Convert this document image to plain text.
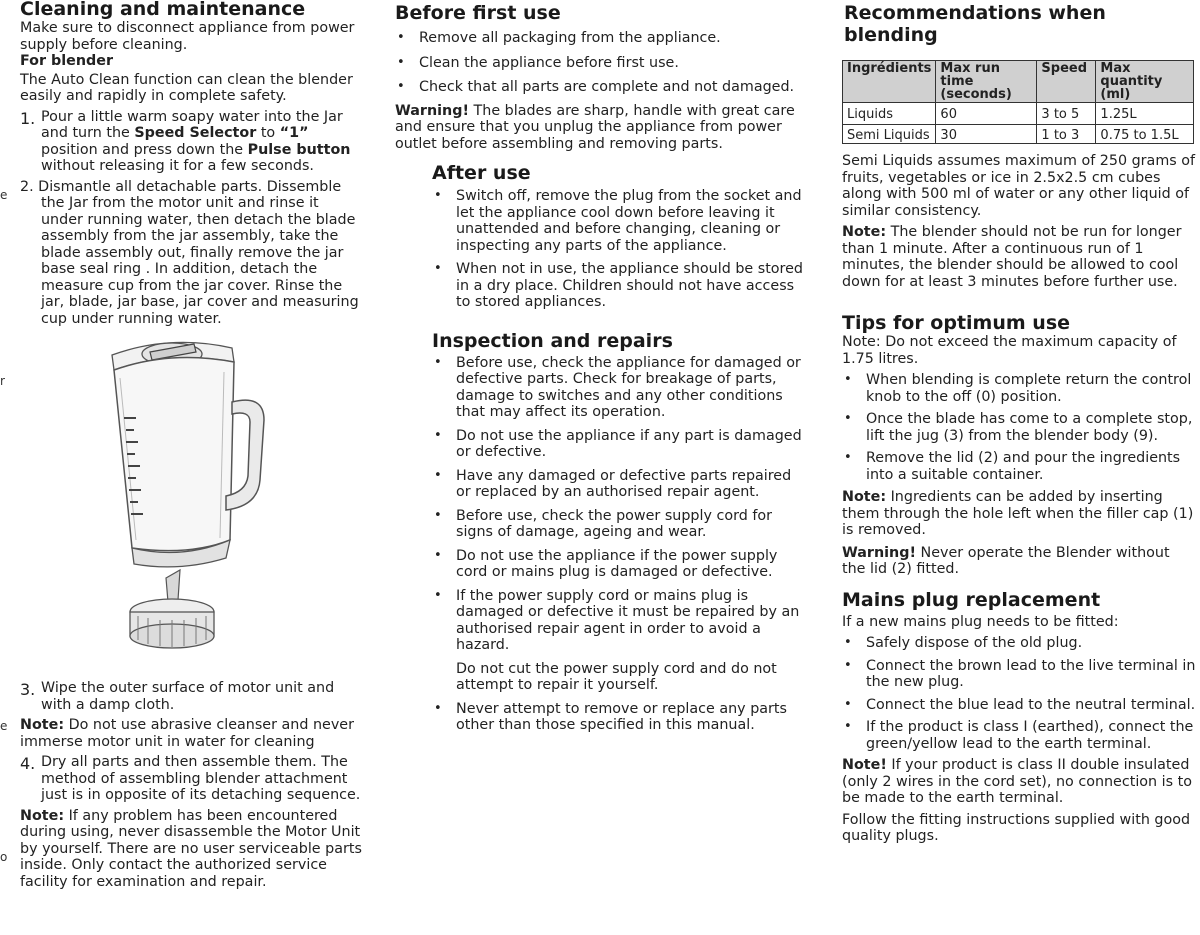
e
r
e
o
Cleaning and maintenance

Make sure to disconnect appliance from power supply before cleaning.

For blender

The Auto Clean function can clean the blender easily and rapidly in complete safety.

1. Pour a little warm soapy water into the Jar and turn the Speed Selector to “1” position and press down the Pulse button without releasing it for a few seconds.

2. Dismantle all detachable parts. Dissemble the Jar from the motor unit and rinse it under running water, then detach the blade assembly from the jar assembly, take the blade assembly out, finally remove the jar base seal ring . In addition, detach the measure cup from the jar cover. Rinse the jar, blade, jar base, jar cover and measuring cup under running water.

3. Wipe the outer surface of motor unit and with a damp cloth.

Note: Do not use abrasive cleanser and never immerse motor unit in water for cleaning

4. Dry all parts and then assemble them. The method of assembling blender attachment just is in opposite of its detaching sequence.

Note: If any problem has been encountered during using, never disassemble the Motor Unit by yourself. There are no user serviceable parts inside. Only contact the authorized service facility for examination and repair.

Before first use
• Remove all packaging from the appliance.
• Clean the appliance before first use.
• Check that all parts are complete and not damaged.

Warning! The blades are sharp, handle with great care and ensure that you unplug the appliance from power outlet before assembling and removing parts.

After use
• Switch off, remove the plug from the socket and let the appliance cool down before leaving it unattended and before changing, cleaning or inspecting any parts of the appliance.
• When not in use, the appliance should be stored in a dry place. Children should not have access to stored appliances.
Inspection and repairs
• Before use, check the appliance for damaged or defective parts. Check for breakage of parts, damage to switches and any other conditions that may affect its operation.
• Do not use the appliance if any part is damaged or defective.
• Have any damaged or defective parts repaired or replaced by an authorised repair agent.
• Before use, check the power supply cord for signs of damage, ageing and wear.
• Do not use the appliance if the power supply cord or mains plug is damaged or defective.
• If the power supply cord or mains plug is damaged or defective it must be repaired by an authorised repair agent in order to avoid a hazard.

Do not cut the power supply cord and do not attempt to repair it yourself.

• Never attempt to remove or replace any parts other than those specified in this manual.
Recommendations when blending
Ingrédients	Max run time (seconds)	Speed	Max quantity (ml)
Liquids	60	3 to 5	1.25L
Semi Liquids	30	1 to 3	0.75 to 1.5L

Semi Liquids assumes maximum of 250 grams of fruits, vegetables or ice in 2.5x2.5 cm cubes along with 500 ml of water or any other liquid of similar consistency.

Note: The blender should not be run for longer than 1 minute. After a continuous run of 1 minutes, the blender should be allowed to cool down for at least 3 minutes before further use.

Tips for optimum use

Note: Do not exceed the maximum capacity of 1.75 litres.

• When blending is complete return the control knob to the off (0) position.
• Once the blade has come to a complete stop, lift the jug (3) from the blender body (9).
• Remove the lid (2) and pour the ingredients into a suitable container.

Note: Ingredients can be added by inserting them through the hole left when the filler cap (1) is removed.

Warning! Never operate the Blender without the lid (2) fitted.

Mains plug replacement

If a new mains plug needs to be fitted:

• Safely dispose of the old plug.
• Connect the brown lead to the live terminal in the new plug.
• Connect the blue lead to the neutral terminal.
• If the product is class I (earthed), connect the green/yellow lead to the earth terminal.

Note! If your product is class II double insulated (only 2 wires in the cord set), no connection is to be made to the earth terminal.

Follow the fitting instructions supplied with good quality plugs.
